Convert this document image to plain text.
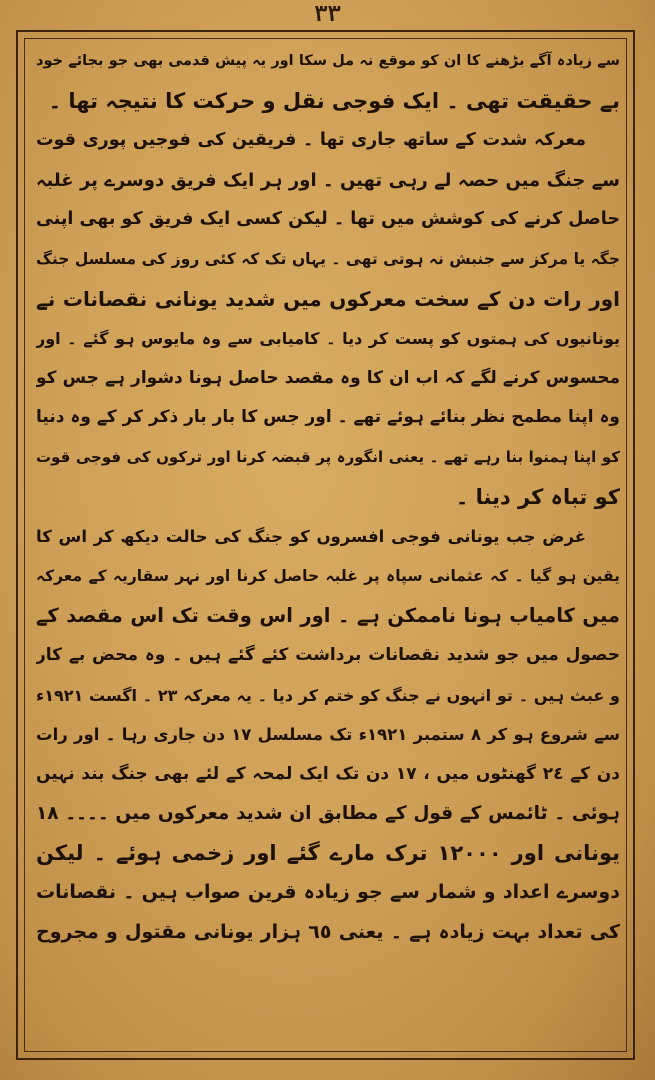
٣٣
سے زیادہ آگے بڑھنے کا ان کو موقع نہ مل سکا اور یہ پیش قدمی بھی جو بجائے خود
بے حقیقت تھی ۔ ایک فوجی نقل و حرکت کا نتیجہ تھا ۔
معرکہ شدت کے ساتھ جاری تھا ۔ فریقین کی فوجیں پوری قوت
سے جنگ میں حصہ لے رہی تھیں ۔ اور ہر ایک فریق دوسرے پر غلبہ
حاصل کرنے کی کوشش میں تھا ۔ لیکن کسی ایک فریق کو بھی اپنی
جگہ یا مرکز سے جنبش نہ ہوتی تھی ۔ یہاں تک کہ کئی روز کی مسلسل جنگ
اور رات دن کے سخت معرکوں میں شدید یونانی نقصانات نے
یونانیوں کی ہمتوں کو پست کر دیا ۔ کامیابی سے وہ مایوس ہو گئے ۔ اور
محسوس کرنے لگے کہ اب ان کا وہ مقصد حاصل ہونا دشوار ہے جس کو
وہ اپنا مطمح نظر بنائے ہوئے تھے ۔ اور جس کا بار بار ذکر کر کے وہ دنیا
کو اپنا ہمنوا بنا رہے تھے ۔ یعنی انگورہ پر قبضہ کرنا اور ترکوں کی فوجی قوت
کو تباہ کر دینا ۔
غرض جب یونانی فوجی افسروں کو جنگ کی حالت دیکھ کر اس کا
یقین ہو گیا ۔ کہ عثمانی سپاہ پر غلبہ حاصل کرنا اور نہر سقاریہ کے معرکہ
میں کامیاب ہونا ناممکن ہے ۔ اور اس وقت تک اس مقصد کے
حصول میں جو شدید نقصانات برداشت کئے گئے ہیں ۔ وہ محض بے کار
و عبث ہیں ۔ تو انہوں نے جنگ کو ختم کر دیا ۔ یہ معرکہ ٢٣ ۔ اگست ١٩٢١ء
سے شروع ہو کر ٨ ستمبر ١٩٢١ء تک مسلسل ١٧ دن جاری رہا ۔ اور رات
دن کے ٢٤ گھنٹوں میں ، ١٧ دن تک ایک لمحہ کے لئے بھی جنگ بند نہیں
ہوئی ۔ ٹائمس کے قول کے مطابق ان شدید معرکوں میں ۔۔۔۔ ١٨
یونانی اور ١٢٠٠٠ ترک مارے گئے اور زخمی ہوئے ۔ لیکن
دوسرے اعداد و شمار سے جو زیادہ قرین صواب ہیں ۔ نقصانات
کی تعداد بہت زیادہ ہے ۔ یعنی ٦٥ ہزار یونانی مقتول و مجروح
